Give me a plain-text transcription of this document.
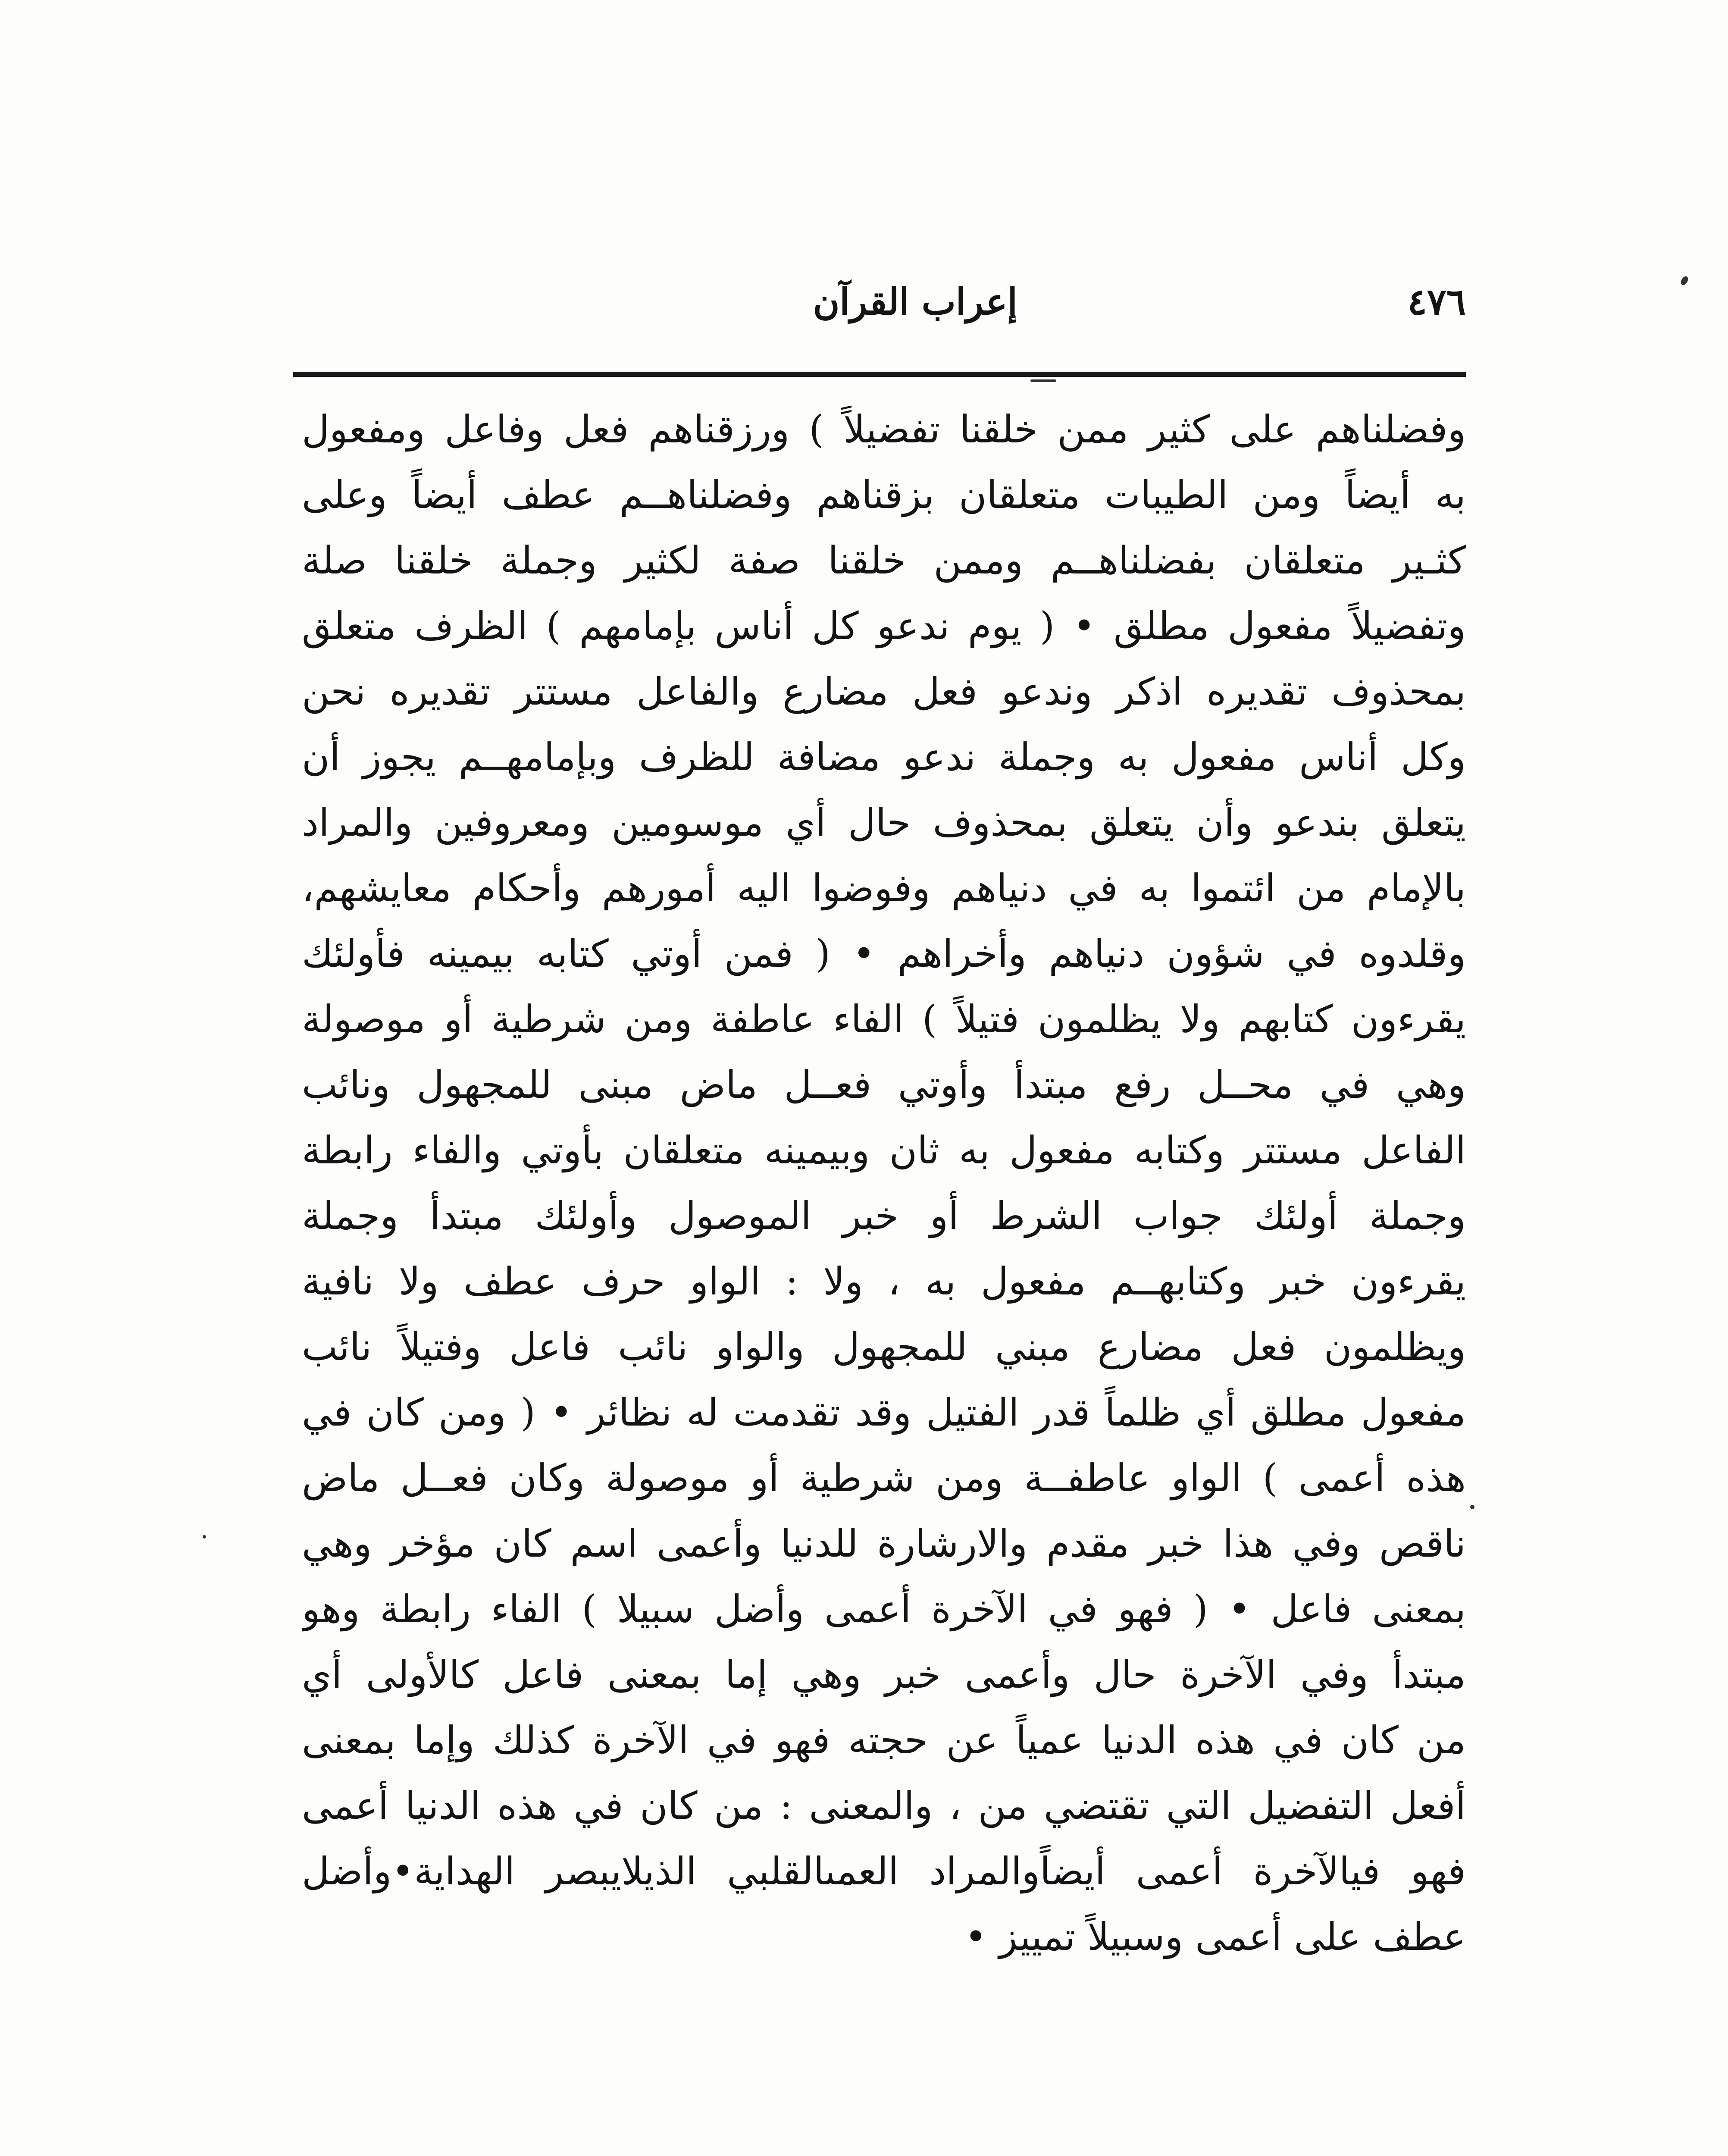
٤٧٦
إعراب القرآن
وفضلناهم على كثير ممن خلقنا تفضيلاً ) ورزقناهم فعل وفاعل ومفعول
به أيضاً ومن الطيبات متعلقان بزقناهم وفضلناهــم عطف أيضاً وعلى
كثـير متعلقان بفضلناهــم وممن خلقنا صفة لكثير وجملة خلقنا صلة
وتفضيلاً مفعول مطلق • ( يوم ندعو كل أناس بإمامهم ) الظرف متعلق
بمحذوف تقديره اذكر وندعو فعل مضارع والفاعل مستتر تقديره نحن
وكل أناس مفعول به وجملة ندعو مضافة للظرف وبإمامهــم يجوز أن
يتعلق بندعو وأن يتعلق بمحذوف حال أي موسومين ومعروفين والمراد
بالإمام من ائتموا به في دنياهم وفوضوا اليه أمورهم وأحكام معايشهم،
وقلدوه في شؤون دنياهم وأخراهم • ( فمن أوتي كتابه بيمينه فأولئك
يقرءون كتابهم ولا يظلمون فتيلاً ) الفاء عاطفة ومن شرطية أو موصولة
وهي في محــل رفع مبتدأ وأوتي فعــل ماض مبنى للمجهول ونائب
الفاعل مستتر وكتابه مفعول به ثان وبيمينه متعلقان بأوتي والفاء رابطة
وجملة أولئك جواب الشرط أو خبر الموصول وأولئك مبتدأ وجملة
يقرءون خبر وكتابهــم مفعول به ، ولا : الواو حرف عطف ولا نافية
ويظلمون فعل مضارع مبني للمجهول والواو نائب فاعل وفتيلاً نائب
مفعول مطلق أي ظلماً قدر الفتيل وقد تقدمت له نظائر • ( ومن كان في
هذه أعمى ) الواو عاطفــة ومن شرطية أو موصولة وكان فعــل ماض
ناقص وفي هذا خبر مقدم والارشارة للدنيا وأعمى اسم كان مؤخر وهي
بمعنى فاعل • ( فهو في الآخرة أعمى وأضل سبيلا ) الفاء رابطة وهو
مبتدأ وفي الآخرة حال وأعمى خبر وهي إما بمعنى فاعل كالأولى أي
من كان في هذه الدنيا عمياً عن حجته فهو في الآخرة كذلك وإما بمعنى
أفعل التفضيل التي تقتضي من ، والمعنى : من كان في هذه الدنيا أعمى
فهو فيالآخرة أعمى أيضاًوالمراد العمىالقلبي الذيلايبصر الهداية•وأضل
عطف على أعمى وسبيلاً تمييز •
